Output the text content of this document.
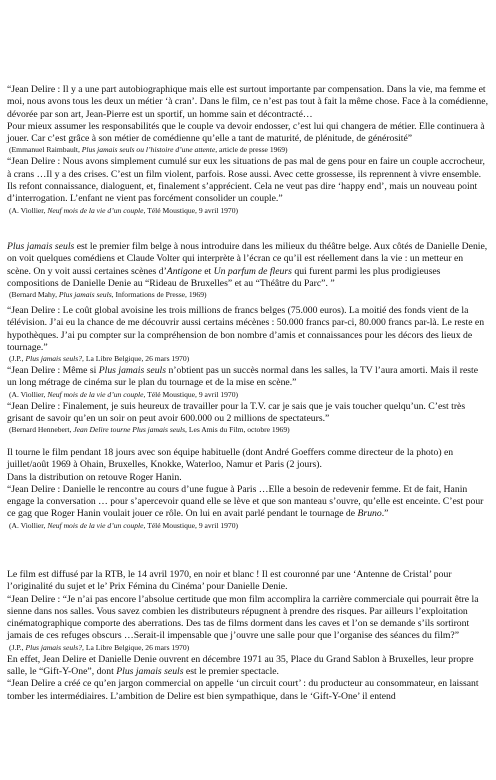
“Jean Delire : Il y a une part autobiographique mais elle est surtout importante par compensation. Dans la vie, ma femme et moi, nous avons tous les deux un métier ‘à cran’. Dans le film, ce n’est pas tout à fait la même chose. Face à la comédienne, dévorée par son art, Jean-Pierre est un sportif, un homme sain et décontracté…

Pour mieux assumer les responsabilités que le couple va devoir endosser, c’est lui qui changera de métier. Elle continuera à jouer. Car c’est grâce à son métier de comédienne qu’elle a tant de maturité, de plénitude, de générosité”

(Emmanuel Raimbault, Plus jamais seuls ou l’histoire d’une attente, article de presse 1969)

“Jean Delire : Nous avons simplement cumulé sur eux les situations de pas mal de gens pour en faire un couple accrocheur, à crans …Il y a des crises. C’est un film violent, parfois. Rose aussi. Avec cette grossesse, ils reprennent à vivre ensemble. Ils refont connaissance, dialoguent, et, finalement s’apprécient. Cela ne veut pas dire ‘happy end’, mais un nouveau point d’interrogation. L’enfant ne vient pas forcément consolider un couple.”

(A. Viollier, Neuf mois de la vie d’un couple, Télé Moustique, 9 avril 1970)

Plus jamais seuls est le premier film belge à nous introduire dans les milieux du théâtre belge. Aux côtés de Danielle Denie, on voit quelques comédiens et Claude Volter qui interprète à l’écran ce qu’il est réellement dans la vie : un metteur en scène. On y voit aussi certaines scènes d’Antigone et Un parfum de fleurs qui furent parmi les plus prodigieuses compositions de Danielle Denie au “Rideau de Bruxelles” et au “Théâtre du Parc”. ”

(Bernard Mahy, Plus jamais seuls, Informations de Presse, 1969)

“Jean Delire : Le coût global avoisine les trois millions de francs belges (75.000 euros). La moitié des fonds vient de la télévision. J’ai eu la chance de me découvrir aussi certains mécènes : 50.000 francs par-ci, 80.000 francs par-là. Le reste en hypothèques. J’ai pu compter sur la compréhension de bon nombre d’amis et connaissances pour les décors des lieux de tournage.”

(J.P., Plus jamais seuls?, La Libre Belgique, 26 mars 1970)

“Jean Delire : Même si Plus jamais seuls n’obtient pas un succès normal dans les salles, la TV l’aura amorti. Mais il reste un long métrage de cinéma sur le plan du tournage et de la mise en scène.”

(A. Viollier, Neuf mois de la vie d’un couple, Télé Moustique, 9 avril 1970)

“Jean Delire : Finalement, je suis heureux de travailler pour la T.V. car je sais que je vais toucher quelqu’un. C’est très grisant de savoir qu’en un soir on peut avoir 600.000 ou 2 millions de spectateurs.”

(Bernard Hennebert, Jean Delire tourne Plus jamais seuls, Les Amis du Film, octobre 1969)

Il tourne le film pendant 18 jours avec son équipe habituelle (dont André Goeffers comme directeur de la photo) en juillet/août 1969 à Ohain, Bruxelles, Knokke, Waterloo, Namur et Paris (2 jours).

Dans la distribution on retouve Roger Hanin.

“Jean Delire : Danielle le rencontre au cours d’une fugue à Paris …Elle a besoin de redevenir femme. Et de fait, Hanin engage la conversation … pour s’apercevoir quand elle se lève et que son manteau s’ouvre, qu’elle est enceinte. C’est pour ce gag que Roger Hanin voulait jouer ce rôle. On lui en avait parlé pendant le tournage de Bruno.”

(A. Viollier, Neuf mois de la vie d’un couple, Télé Moustique, 9 avril 1970)

Le film est diffusé par la RTB, le 14 avril 1970, en noir et blanc ! Il est couronné par une ‘Antenne de Cristal’ pour l’originalité du sujet et le’ Prix Fémina du Cinéma’ pour Danielle Denie.

“Jean Delire : “Je n’ai pas encore l’absolue certitude que mon film accomplira la carrière commerciale qui pourrait être la sienne dans nos salles. Vous savez combien les distributeurs répugnent à prendre des risques. Par ailleurs l’exploitation cinématographique comporte des aberrations. Des tas de films dorment dans les caves et l’on se demande s’ils sortiront jamais de ces refuges obscurs …Serait-il impensable que j’ouvre une salle pour que l’organise des séances du film?”

(J.P., Plus jamais seuls?, La Libre Belgique, 26 mars 1970)

En effet, Jean Delire et Danielle Denie ouvrent en décembre 1971 au 35, Place du Grand Sablon à Bruxelles, leur propre salle, le “Gift-Y-One”, dont Plus jamais seuls est le premier spectacle.

“Jean Delire a créé ce qu’en jargon commercial on appelle ‘un circuit court’ : du producteur au consommateur, en laissant tomber les intermédiaires. L’ambition de Delire est bien sympathique, dans le ‘Gift-Y-One’ il entend
